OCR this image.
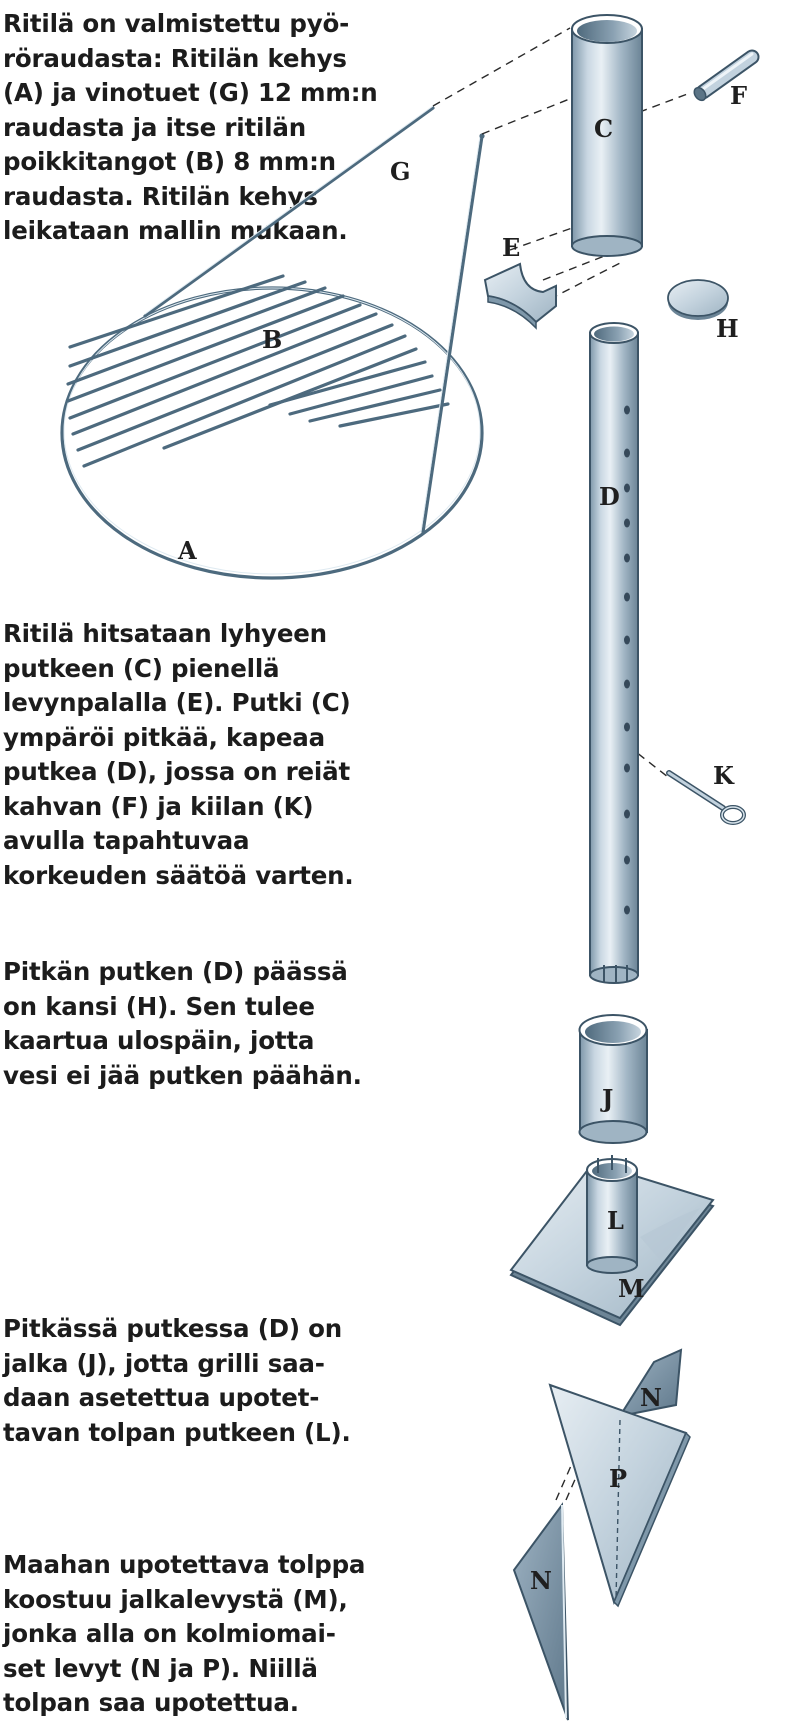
Ritilä on valmistettu pyö-
röraudasta: Ritilän kehys
(A) ja vinotuet (G) 12 mm:n
raudasta ja itse ritilän
poikkitangot (B) 8 mm:n
raudasta. Ritilän kehys
leikataan mallin mukaan.

Ritilä hitsataan lyhyeen
putkeen (C) pienellä
levynpalalla (E). Putki (C)
ympäröi pitkää, kapeaa
putkea (D), jossa on reiät
kahvan (F) ja kiilan (K)
avulla tapahtuvaa
korkeuden säätöä varten.

Pitkän putken (D) päässä
on kansi (H). Sen tulee
kaartua ulospäin, jotta
vesi ei jää putken päähän.

Pitkässä putkessa (D) on
jalka (J), jotta grilli saa-
daan asetettua upotet-
tavan tolpan putkeen (L).

Maahan upotettava tolppa
koostuu jalkalevystä (M),
jonka alla on kolmiomai-
set levyt (N ja P). Niillä
tolpan saa upotettua.

A
B
C
D
E
F
G
H
J
K
L
M
N
N
P
